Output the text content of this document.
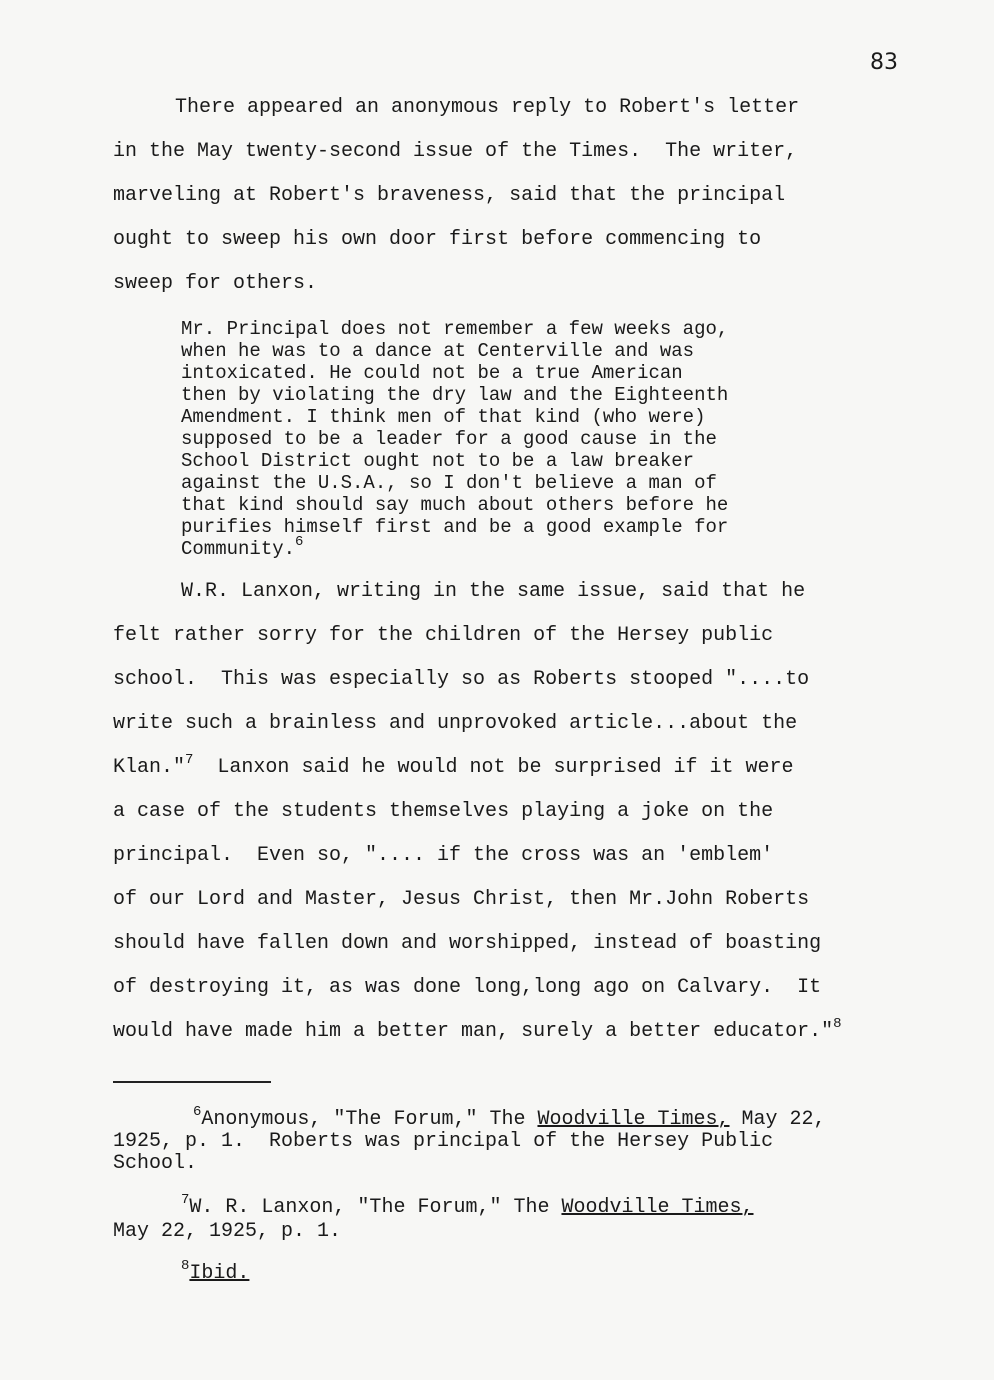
83
There appeared an anonymous reply to Robert's letter
in the May twenty-second issue of the Times.  The writer,
marveling at Robert's braveness, said that the principal
ought to sweep his own door first before commencing to
sweep for others.
Mr. Principal does not remember a few weeks ago,
when he was to a dance at Centerville and was
intoxicated. He could not be a true American
then by violating the dry law and the Eighteenth
Amendment. I think men of that kind (who were)
supposed to be a leader for a good cause in the
School District ought not to be a law breaker
against the U.S.A., so I don't believe a man of
that kind should say much about others before he
purifies himself first and be a good example for
Community.$^6$
W.R. Lanxon, writing in the same issue, said that he
felt rather sorry for the children of the Hersey public
school.  This was especially so as Roberts stooped "....to
write such a brainless and unprovoked article...about the
Klan."$^7$  Lanxon said he would not be surprised if it were
a case of the students themselves playing a joke on the
principal.  Even so, ".... if the cross was an 'emblem'
of our Lord and Master, Jesus Christ, then Mr.John Roberts
should have fallen down and worshipped, instead of boasting
of destroying it, as was done long,long ago on Calvary.  It
would have made him a better man, surely a better educator."$^8$
$^6$Anonymous, "The Forum," The Woodville Times, May 22,
1925, p. 1.  Roberts was principal of the Hersey Public
School.
$^7$W. R. Lanxon, "The Forum," The Woodville Times,
May 22, 1925, p. 1.
$^8$Ibid.
